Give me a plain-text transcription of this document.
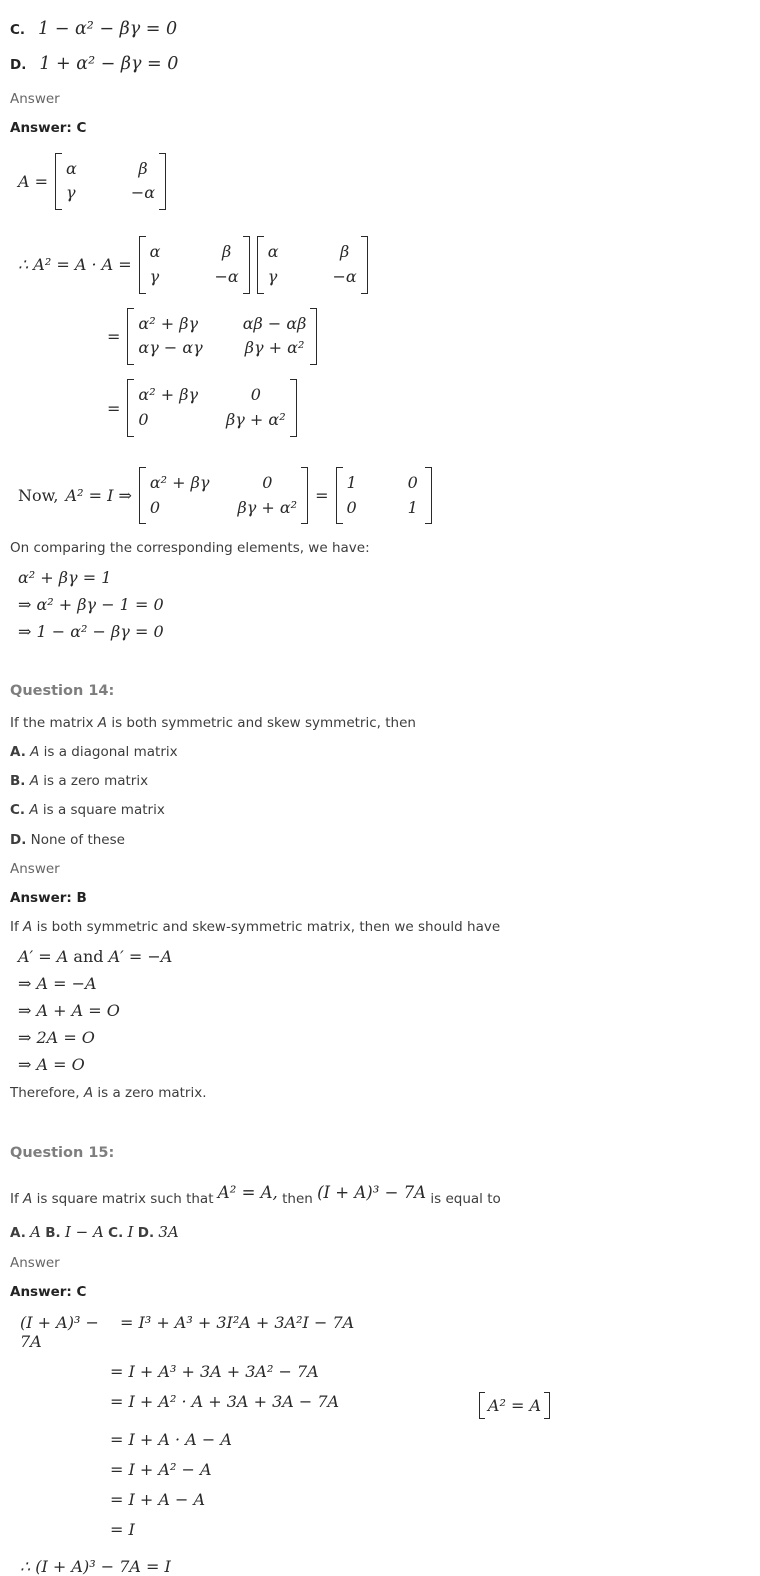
C. 1 − α² − βγ = 0
D. 1 + α² − βγ = 0

Answer

Answer: C

A =
α	β
γ	−α
∴ A² = A · A =
α	β
γ	−α
α	β
γ	−α
=
α² + βγ	αβ − αβ
αγ − αγ	βγ + α²
=
α² + βγ	0
0	βγ + α²
Now, A² = I ⇒
α² + βγ	0
0	βγ + α²
=
1	0
0	1

On comparing the corresponding elements, we have:

α² + βγ = 1
⇒ α² + βγ − 1 = 0
⇒ 1 − α² − βγ = 0
Question 14:

If the matrix A is both symmetric and skew symmetric, then

A. A is a diagonal matrix

B. A is a zero matrix

C. A is a square matrix

D. None of these

Answer

Answer: B

If A is both symmetric and skew-symmetric matrix, then we should have

A′ = A and A′ = −A
⇒ A = −A
⇒ A + A = O
⇒ 2A = O
⇒ A = O

Therefore, A is a zero matrix.

Question 15:

If A is square matrix such that A² = A, then (I + A)³ − 7A is equal to

A. A B. I − A C. I D. 3A

Answer

Answer: C

(I + A)³ − 7A
= I³ + A³ + 3I²A + 3A²I − 7A
= I + A³ + 3A + 3A² − 7A
= I + A² · A + 3A + 3A − 7A	A² = A
= I + A · A − A
= I + A² − A
= I + A − A
= I
∴ (I + A)³ − 7A = I
